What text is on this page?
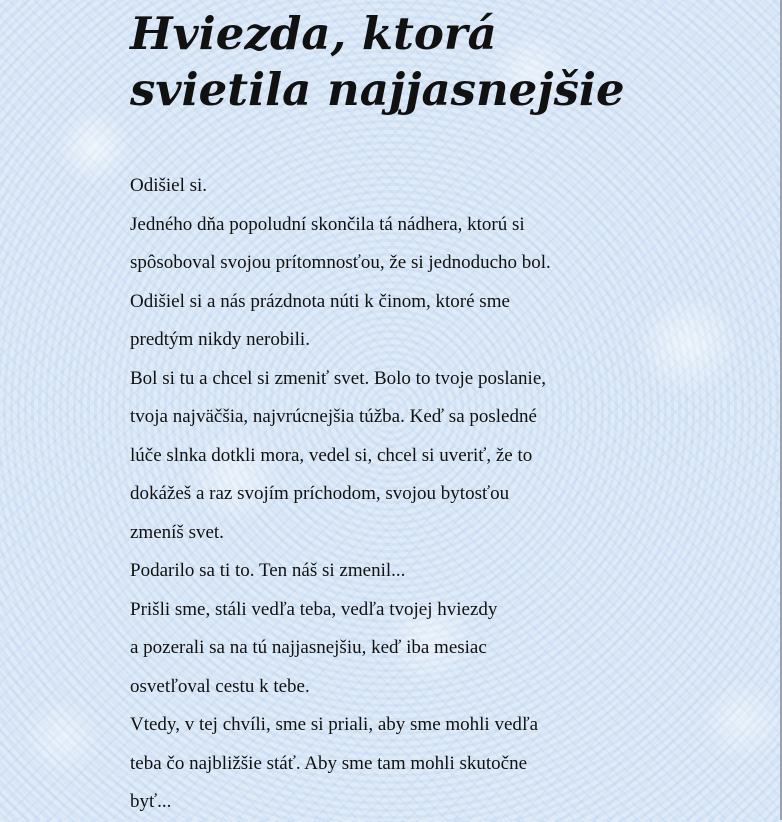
Hviezda, ktorá
svietila najjasnejšie
Odišiel si.
Jedného dňa popoludní skončila tá nádhera, ktorú si
spôsoboval svojou prítomnosťou, že si jednoducho bol.
Odišiel si a nás prázdnota núti k činom, ktoré sme
predtým nikdy nerobili.
Bol si tu a chcel si zmeniť svet. Bolo to tvoje poslanie,
tvoja najväčšia, najvrúcnejšia túžba. Keď sa posledné
lúče slnka dotkli mora, vedel si, chcel si uveriť, že to
dokážeš a raz svojím príchodom, svojou bytosťou
zmeníš svet.
Podarilo sa ti to. Ten náš si zmenil...
Prišli sme, stáli vedľa teba, vedľa tvojej hviezdy
a pozerali sa na tú najjasnejšiu, keď iba mesiac
osvetľoval cestu k tebe.
Vtedy, v tej chvíli, sme si priali, aby sme mohli vedľa
teba čo najbližšie stáť. Aby sme tam mohli skutočne
byť...
